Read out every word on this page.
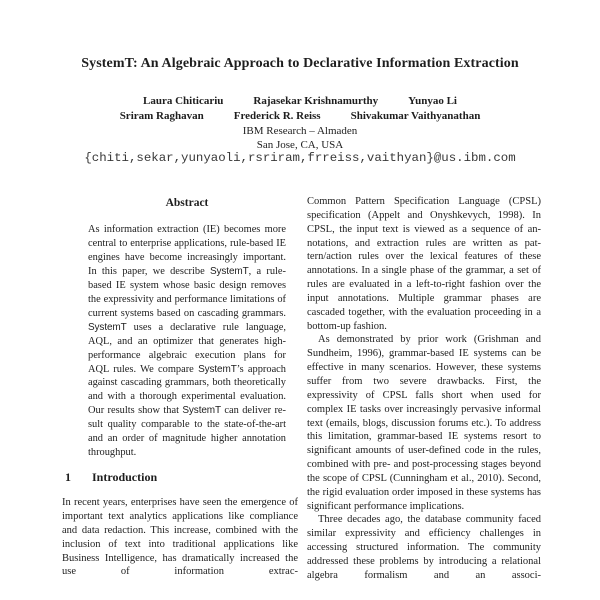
SystemT: An Algebraic Approach to Declarative Information Extraction
Laura Chiticariu	Rajasekar Krishnamurthy	Yunyao Li
Sriram Raghavan	Frederick R. Reiss	Shivakumar Vaithyanathan
IBM Research – Almaden
San Jose, CA, USA
{chiti,sekar,yunyaoli,rsriram,frreiss,vaithyan}@us.ibm.com
Abstract

As information extraction (IE) becomes more central to enterprise applications, rule-based IE engines have become increasingly important. In this paper, we describe SystemT, a rule-based IE system whose basic design removes the expressivity and performance limitations of current systems based on cascading grammars. SystemT uses a declarative rule language, AQL, and an optimizer that generates high-performance algebraic execution plans for AQL rules. We compare SystemT’s approach against cascading grammars, both theoretically and with a thorough experimental evaluation. Our results show that SystemT can deliver result quality comparable to the state-of-the-art and an order of magnitude higher annotation throughput.

1 Introduction

In recent years, enterprises have seen the emergence of important text analytics applications like compliance and data redaction. This increase, combined with the inclusion of text into traditional applications like Business Intelligence, has dramatically increased the use of information extrac-

Common Pattern Specification Language (CPSL) specification (Appelt and Onyshkevych, 1998). In CPSL, the input text is viewed as a sequence of annotations, and extraction rules are written as pattern/action rules over the lexical features of these annotations. In a single phase of the grammar, a set of rules are evaluated in a left-to-right fashion over the input annotations. Multiple grammar phases are cascaded together, with the evaluation proceeding in a bottom-up fashion.

As demonstrated by prior work (Grishman and Sundheim, 1996), grammar-based IE systems can be effective in many scenarios. However, these systems suffer from two severe drawbacks. First, the expressivity of CPSL falls short when used for complex IE tasks over increasingly pervasive informal text (emails, blogs, discussion forums etc.). To address this limitation, grammar-based IE systems resort to significant amounts of user-defined code in the rules, combined with pre- and post-processing stages beyond the scope of CPSL (Cunningham et al., 2010). Second, the rigid evaluation order imposed in these systems has significant performance implications.

Three decades ago, the database community faced similar expressivity and efficiency challenges in accessing structured information. The community addressed these problems by introducing a relational algebra formalism and an associ-
